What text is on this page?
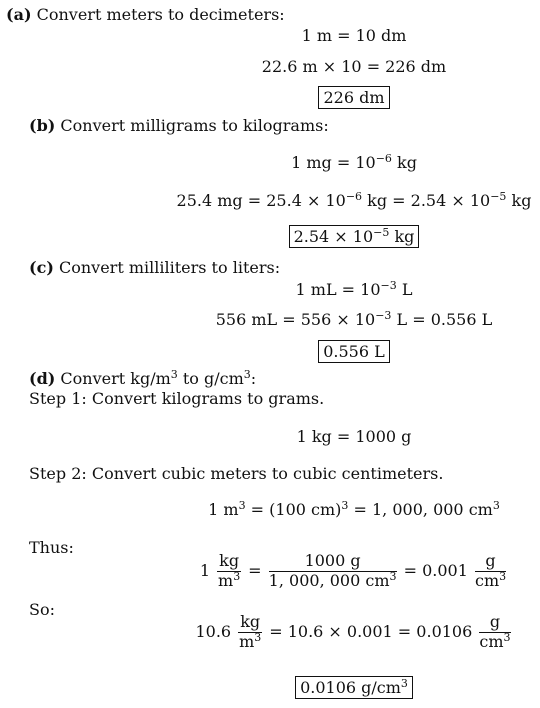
(a) Convert meters to decimeters:
1 m = 10 dm
22.6 m × 10 = 226 dm
226 dm
(b) Convert milligrams to kilograms:
1 mg = $10^{-6}$ kg
25.4 mg = $25.4 \times 10^{-6}$ kg = $2.54 \times 10^{-5}$ kg
$2.54 \times 10^{-5}$ kg
(c) Convert milliliters to liters:
1 mL = $10^{-3}$ L
556 mL = $556 \times 10^{-3}$ L = 0.556 L
0.556 L
(d) Convert $kg/m^3$ to $g/cm^3$:
Step 1: Convert kilograms to grams.
1 kg = 1000 g
Step 2: Convert cubic meters to cubic centimeters.
1 $m^3 = (100$ cm)$^3$ = 1, 000, 000 $cm^3$
Thus:
$1 \frac{kg}{m^3} = \frac{1000 g}{1, 000, 000 cm^3} = 0.001 \frac{g}{cm^3}$
So:
$10.6 \frac{kg}{m^3} = 10.6 \times 0.001 = 0.0106 \frac{g}{cm^3}$
0.0106 $g/cm^3$
